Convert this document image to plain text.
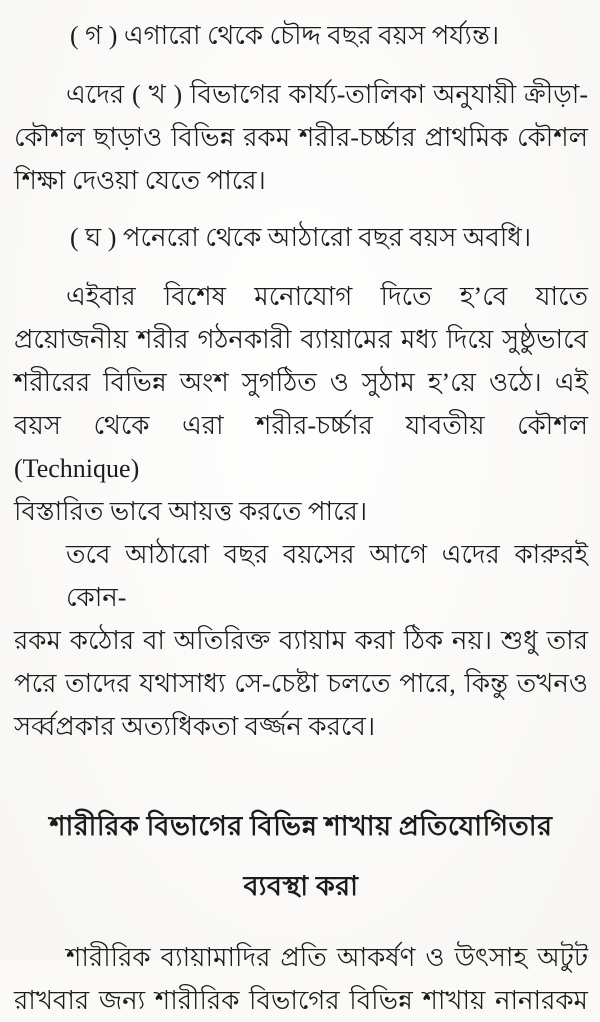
( গ ) এগারো থেকে চৌদ্দ বছর বয়স পর্য্যন্ত।
এদের ( খ ) বিভাগের কার্য্য-তালিকা অনুযায়ী ক্রীড়া-
কৌশল ছাড়াও বিভিন্ন রকম শরীর-চর্চ্চার প্রাথমিক কৌশল
শিক্ষা দেওয়া যেতে পারে।
( ঘ ) পনেরো থেকে আঠারো বছর বয়স অবধি।
এইবার বিশেষ মনোযোগ দিতে হ’বে যাতে
প্রয়োজনীয় শরীর গঠনকারী ব্যায়ামের মধ্য দিয়ে সুষ্ঠুভাবে
শরীরের বিভিন্ন অংশ সুগঠিত ও সুঠাম হ’য়ে ওঠে। এই
বয়স থেকে এরা শরীর-চর্চ্চার যাবতীয় কৌশল (Technique)
বিস্তারিত ভাবে আয়ত্ত করতে পারে।
তবে আঠারো বছর বয়সের আগে এদের কারুরই কোন-
রকম কঠোর বা অতিরিক্ত ব্যায়াম করা ঠিক নয়। শুধু তার
পরে তাদের যথাসাধ্য সে-চেষ্টা চলতে পারে, কিন্তু তখনও
সর্ব্বপ্রকার অত্যধিকতা বর্জ্জন করবে।
শারীরিক বিভাগের বিভিন্ন শাখায় প্রতিযোগিতার
ব্যবস্থা করা
শারীরিক ব্যায়ামাদির প্রতি আকর্ষণ ও উৎসাহ অটুট
রাখবার জন্য শারীরিক বিভাগের বিভিন্ন শাখায় নানারকম
